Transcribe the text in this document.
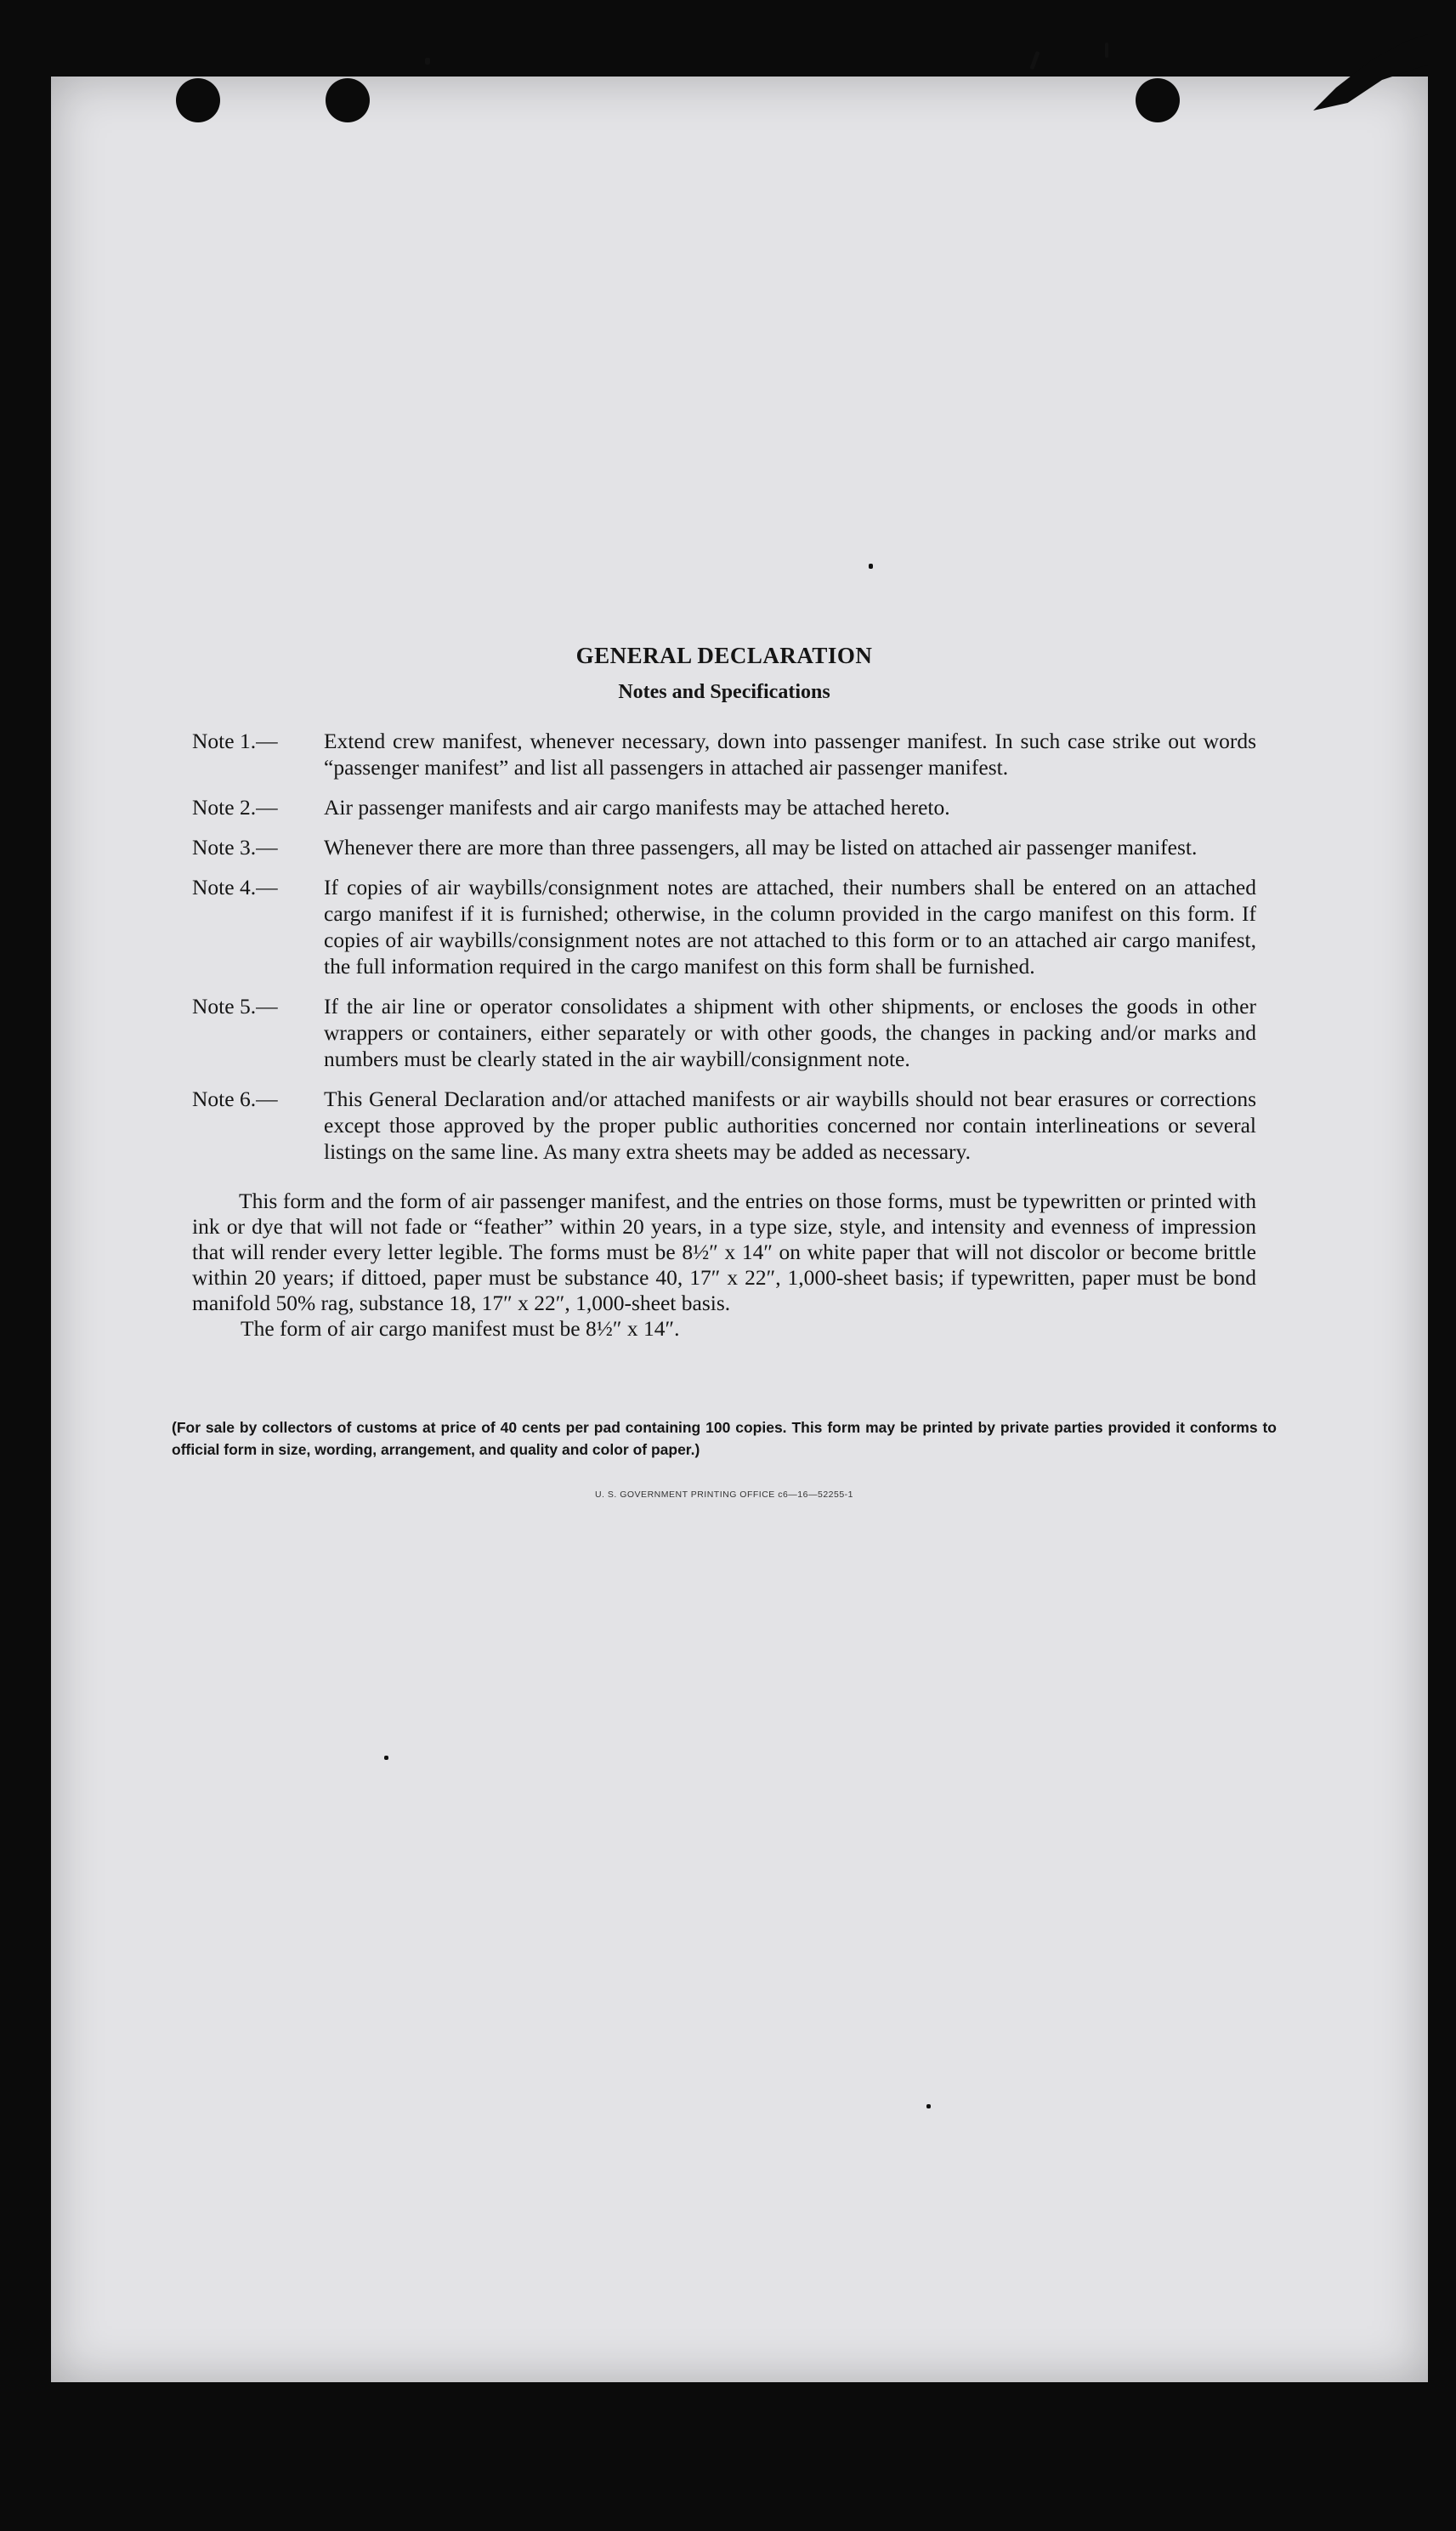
GENERAL DECLARATION
Notes and Specifications
Note 1.—	Extend crew manifest, whenever necessary, down into passenger manifest. In such case strike out words “passenger manifest” and list all passengers in attached air passenger manifest.
Note 2.—	Air passenger manifests and air cargo manifests may be attached hereto.
Note 3.—	Whenever there are more than three passengers, all may be listed on attached air passenger manifest.
Note 4.—	If copies of air waybills/consignment notes are attached, their numbers shall be entered on an attached cargo manifest if it is furnished; otherwise, in the column provided in the cargo manifest on this form. If copies of air waybills/consignment notes are not attached to this form or to an attached air cargo manifest, the full information required in the cargo manifest on this form shall be furnished.
Note 5.—	If the air line or operator consolidates a shipment with other shipments, or encloses the goods in other wrappers or containers, either separately or with other goods, the changes in packing and/or marks and numbers must be clearly stated in the air waybill/consignment note.
Note 6.—	This General Declaration and/or attached manifests or air waybills should not bear erasures or corrections except those approved by the proper public authorities concerned nor contain interlineations or several listings on the same line. As many extra sheets may be added as necessary.

This form and the form of air passenger manifest, and the entries on those forms, must be typewritten or printed with ink or dye that will not fade or “feather” within 20 years, in a type size, style, and intensity and evenness of impression that will render every letter legible. The forms must be 8½″ x 14″ on white paper that will not discolor or become brittle within 20 years; if dittoed, paper must be substance 40, 17″ x 22″, 1,000-sheet basis; if typewritten, paper must be bond manifold 50% rag, substance 18, 17″ x 22″, 1,000-sheet basis.

The form of air cargo manifest must be 8½″ x 14″.

(For sale by collectors of customs at price of 40 cents per pad containing 100 copies. This form may be printed by private parties provided it conforms to official form in size, wording, arrangement, and quality and color of paper.)

U. S. GOVERNMENT PRINTING OFFICE c6—16—52255-1
